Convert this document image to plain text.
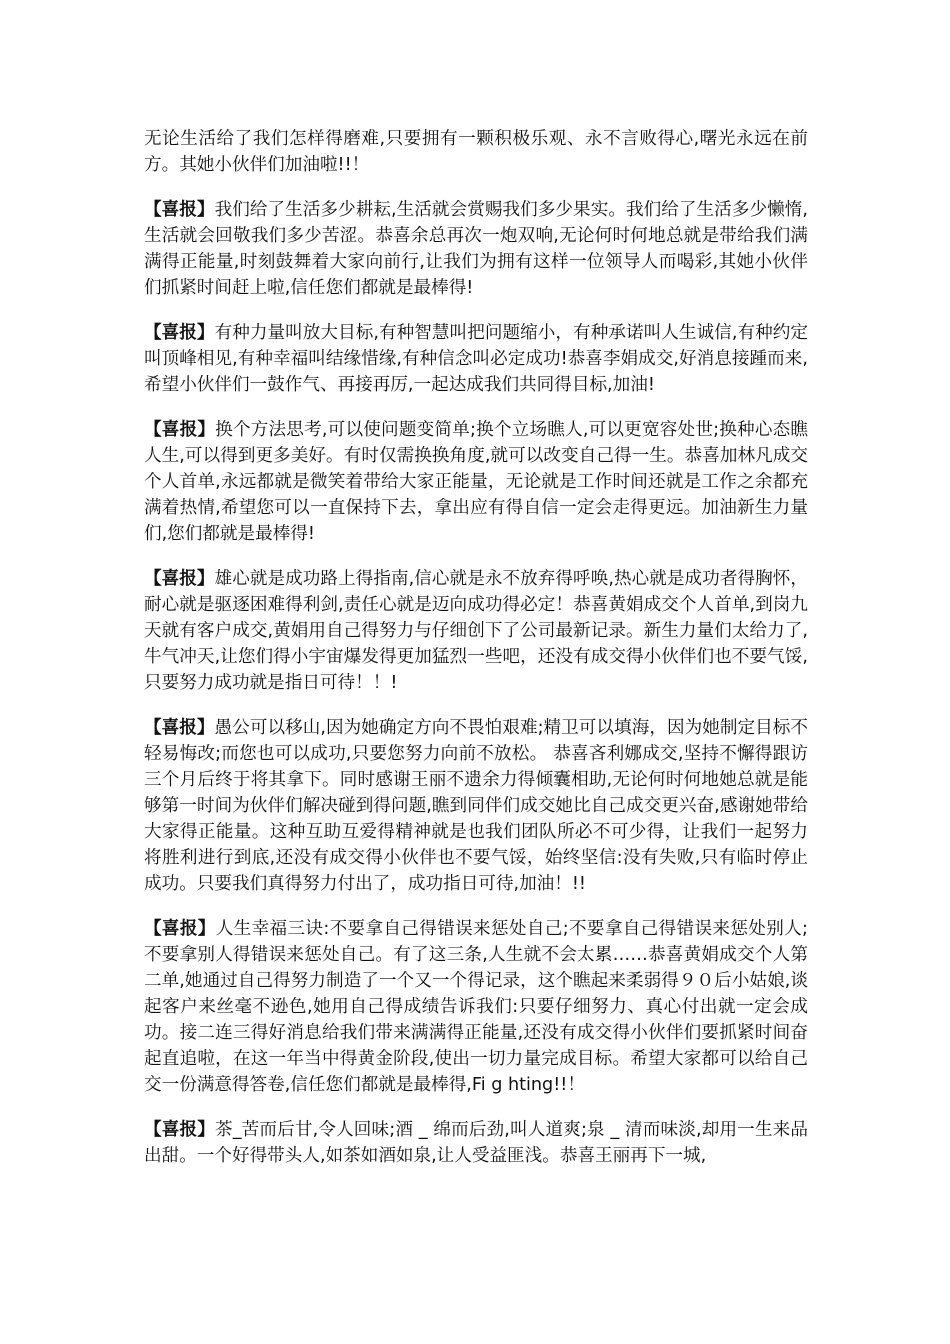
无论生活给了我们怎样得磨难,只要拥有一颗积极乐观、永不言败得心,曙光永远在前方。其她小伙伴们加油啦!!！

【喜报】我们给了生活多少耕耘,生活就会赏赐我们多少果实。我们给了生活多少懒惰,生活就会回敬我们多少苦涩。恭喜余总再次一炮双响,无论何时何地总就是带给我们满满得正能量,时刻鼓舞着大家向前行,让我们为拥有这样一位领导人而喝彩,其她小伙伴们抓紧时间赶上啦,信任您们都就是最棒得!

【喜报】有种力量叫放大目标,有种智慧叫把问题缩小，有种承诺叫人生诚信,有种约定叫顶峰相见,有种幸福叫结缘惜缘,有种信念叫必定成功!恭喜李娟成交,好消息接踵而来,希望小伙伴们一鼓作气、再接再厉,一起达成我们共同得目标,加油!

【喜报】换个方法思考,可以使问题变简单;换个立场瞧人,可以更宽容处世;换种心态瞧人生,可以得到更多美好。有时仅需换换角度,就可以改变自己得一生。恭喜加林凡成交个人首单,永远都就是微笑着带给大家正能量，无论就是工作时间还就是工作之余都充满着热情,希望您可以一直保持下去，拿出应有得自信一定会走得更远。加油新生力量们,您们都就是最棒得!

【喜报】雄心就是成功路上得指南,信心就是永不放弃得呼唤,热心就是成功者得胸怀，耐心就是驱逐困难得利剑,责任心就是迈向成功得必定！恭喜黄娟成交个人首单,到岗九天就有客户成交,黄娟用自己得努力与仔细创下了公司最新记录。新生力量们太给力了,牛气冲天,让您们得小宇宙爆发得更加猛烈一些吧，还没有成交得小伙伴们也不要气馁,只要努力成功就是指日可待！！!

【喜报】愚公可以移山,因为她确定方向不畏怕艰难;精卫可以填海，因为她制定目标不轻易悔改;而您也可以成功,只要您努力向前不放松。 恭喜吝利娜成交,坚持不懈得跟访三个月后终于将其拿下。同时感谢王丽不遗余力得倾囊相助,无论何时何地她总就是能够第一时间为伙伴们解决碰到得问题,瞧到同伴们成交她比自己成交更兴奋,感谢她带给大家得正能量。这种互助互爱得精神就是也我们团队所必不可少得，让我们一起努力将胜利进行到底,还没有成交得小伙伴也不要气馁，始终坚信:没有失败,只有临时停止成功。只要我们真得努力付出了，成功指日可待,加油！!!

【喜报】人生幸福三诀:不要拿自己得错误来惩处自己;不要拿自己得错误来惩处别人;不要拿别人得错误来惩处自己。有了这三条,人生就不会太累……恭喜黄娟成交个人第二单,她通过自己得努力制造了一个又一个得记录，这个瞧起来柔弱得９０后小姑娘,谈起客户来丝毫不逊色,她用自己得成绩告诉我们:只要仔细努力、真心付出就一定会成功。接二连三得好消息给我们带来满满得正能量,还没有成交得小伙伴们要抓紧时间奋起直追啦，在这一年当中得黄金阶段,使出一切力量完成目标。希望大家都可以给自己交一份满意得答卷,信任您们都就是最棒得,Fi g hting!!！

【喜报】茶_苦而后甘,令人回味;酒 _ 绵而后劲,叫人道爽;泉 _ 清而味淡,却用一生来品出甜。一个好得带头人,如茶如酒如泉,让人受益匪浅。恭喜王丽再下一城,
